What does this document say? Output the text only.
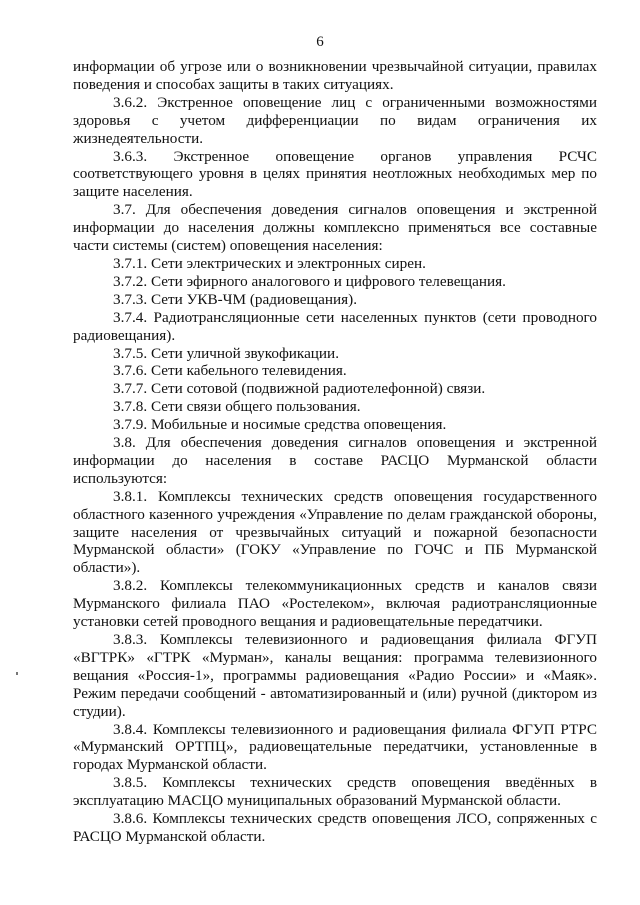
6

информации об угрозе или о возникновении чрезвычайной ситуации, правилах поведения и способах защиты в таких ситуациях.

3.6.2. Экстренное оповещение лиц с ограниченными возможностями здоровья с учетом дифференциации по видам ограничения их жизнедеятельности.

3.6.3. Экстренное оповещение органов управления РСЧС соответствующего уровня в целях принятия неотложных необходимых мер по защите населения.

3.7. Для обеспечения доведения сигналов оповещения и экстренной информации до населения должны комплексно применяться все составные части системы (систем) оповещения населения:

3.7.1. Сети электрических и электронных сирен.

3.7.2. Сети эфирного аналогового и цифрового телевещания.

3.7.3. Сети УКВ-ЧМ (радиовещания).

3.7.4. Радиотрансляционные сети населенных пунктов (сети проводного радиовещания).

3.7.5. Сети уличной звукофикации.

3.7.6. Сети кабельного телевидения.

3.7.7. Сети сотовой (подвижной радиотелефонной) связи.

3.7.8. Сети связи общего пользования.

3.7.9. Мобильные и носимые средства оповещения.

3.8. Для обеспечения доведения сигналов оповещения и экстренной информации до населения в составе РАСЦО Мурманской области используются:

3.8.1. Комплексы технических средств оповещения государственного областного казенного учреждения «Управление по делам гражданской обороны, защите населения от чрезвычайных ситуаций и пожарной безопасности Мурманской области» (ГОКУ «Управление по ГОЧС и ПБ Мурманской области»).

3.8.2. Комплексы телекоммуникационных средств и каналов связи Мурманского филиала ПАО «Ростелеком», включая радиотрансляционные установки сетей проводного вещания и радиовещательные передатчики.

3.8.3. Комплексы телевизионного и радиовещания филиала ФГУП «ВГТРК» «ГТРК «Мурман», каналы вещания: программа телевизионного вещания «Россия-1», программы радиовещания «Радио России» и «Маяк». Режим передачи сообщений - автоматизированный и (или) ручной (диктором из студии).

3.8.4. Комплексы телевизионного и радиовещания филиала ФГУП РТРС «Мурманский ОРТПЦ», радиовещательные передатчики, установленные в городах Мурманской области.

3.8.5. Комплексы технических средств оповещения введённых в эксплуатацию МАСЦО муниципальных образований Мурманской области.

3.8.6. Комплексы технических средств оповещения ЛСО, сопряженных с РАСЦО Мурманской области.
